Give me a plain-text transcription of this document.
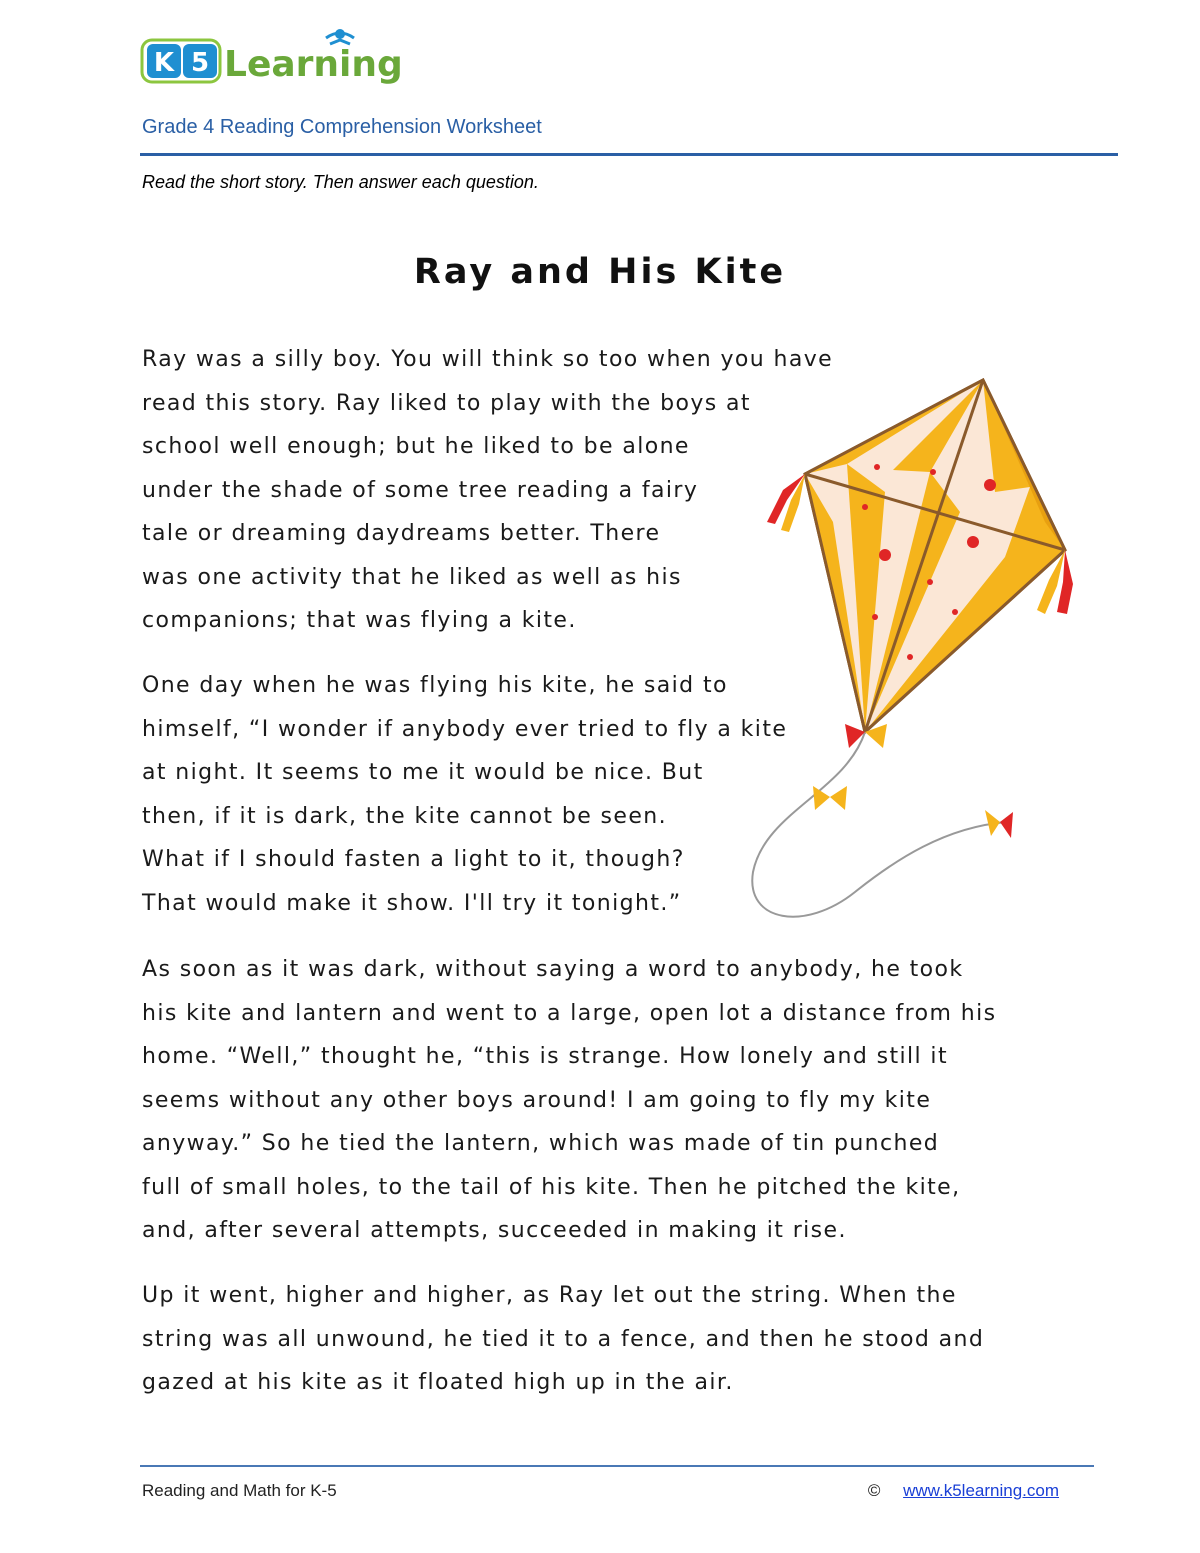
K 5 Learning
Grade 4 Reading Comprehension Worksheet
Read the short story. Then answer each question.
Ray and His Kite
Ray was a silly boy. You will think so too when you have
read this story. Ray liked to play with the boys at
school well enough; but he liked to be alone
under the shade of some tree reading a fairy
tale or dreaming daydreams better. There
was one activity that he liked as well as his
companions; that was flying a kite.
One day when he was flying his kite, he said to
himself, “I wonder if anybody ever tried to fly a kite
at night. It seems to me it would be nice. But
then, if it is dark, the kite cannot be seen.
What if I should fasten a light to it, though?
That would make it show. I'll try it tonight.”
As soon as it was dark, without saying a word to anybody, he took
his kite and lantern and went to a large, open lot a distance from his
home. “Well,” thought he, “this is strange. How lonely and still it
seems without any other boys around! I am going to fly my kite
anyway.” So he tied the lantern, which was made of tin punched
full of small holes, to the tail of his kite. Then he pitched the kite,
and, after several attempts, succeeded in making it rise.
Up it went, higher and higher, as Ray let out the string. When the
string was all unwound, he tied it to a fence, and then he stood and
gazed at his kite as it floated high up in the air.
Reading and Math for K-5	© www.k5learning.com
